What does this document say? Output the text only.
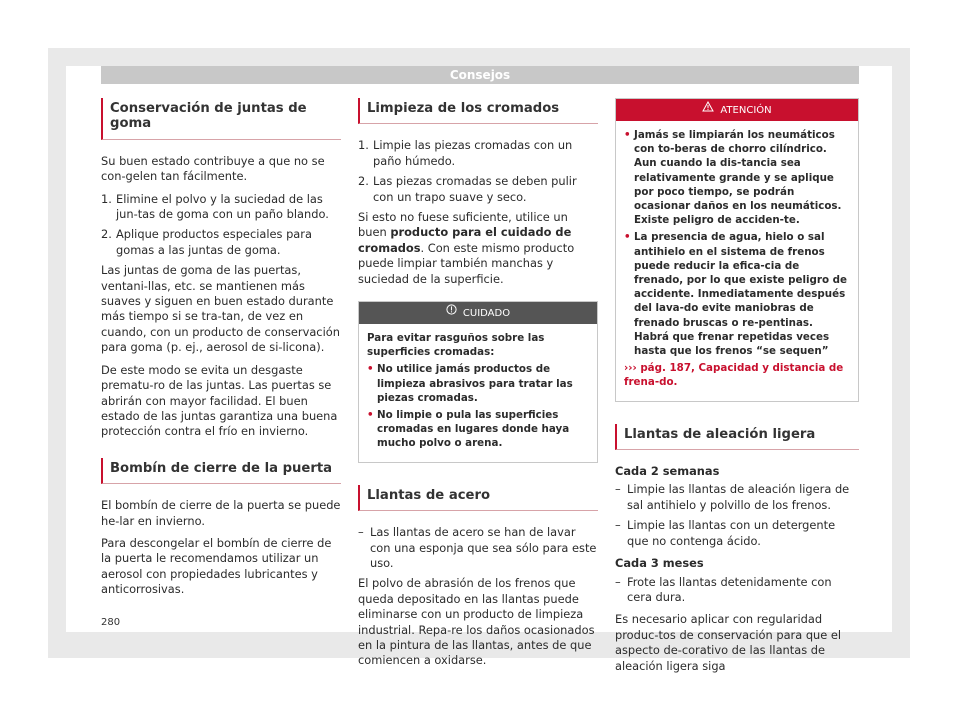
Consejos
Conservación de juntas de goma

Su buen estado contribuye a que no se con-gelen tan fácilmente.

1. Elimine el polvo y la suciedad de las jun-tas de goma con un paño blando.
2. Aplique productos especiales para gomas a las juntas de goma.

Las juntas de goma de las puertas, ventani-llas, etc. se mantienen más suaves y siguen en buen estado durante más tiempo si se tra-tan, de vez en cuando, con un producto de conservación para goma (p. ej., aerosol de si-licona).

De este modo se evita un desgaste prematu-ro de las juntas. Las puertas se abrirán con mayor facilidad. El buen estado de las juntas garantiza una buena protección contra el frío en invierno.

Bombín de cierre de la puerta

El bombín de cierre de la puerta se puede he-lar en invierno.

Para descongelar el bombín de cierre de la puerta le recomendamos utilizar un aerosol con propiedades lubricantes y anticorrosivas.

Limpieza de los cromados
1. Limpie las piezas cromadas con un paño húmedo.
2. Las piezas cromadas se deben pulir con un trapo suave y seco.

Si esto no fuese suficiente, utilice un buen producto para el cuidado de cromados. Con este mismo producto puede limpiar también manchas y suciedad de la superficie.

CUIDADO

Para evitar rasguños sobre las superficies cromadas:

• No utilice jamás productos de limpieza abrasivos para tratar las piezas cromadas.
• No limpie o pula las superficies cromadas en lugares donde haya mucho polvo o arena.
Llantas de acero
– Las llantas de acero se han de lavar con una esponja que sea sólo para este uso.

El polvo de abrasión de los frenos que queda depositado en las llantas puede eliminarse con un producto de limpieza industrial. Repa-re los daños ocasionados en la pintura de las llantas, antes de que comiencen a oxidarse.

ATENCIÓN
• Jamás se limpiarán los neumáticos con to-beras de chorro cilíndrico. Aun cuando la dis-tancia sea relativamente grande y se aplique por poco tiempo, se podrán ocasionar daños en los neumáticos. Existe peligro de acciden-te.
• La presencia de agua, hielo o sal antihielo en el sistema de frenos puede reducir la efica-cia de frenado, por lo que existe peligro de accidente. Inmediatamente después del lava-do evite maniobras de frenado bruscas o re-pentinas. Habrá que frenar repetidas veces hasta que los frenos “se sequen”

››› pág. 187, Capacidad y distancia de frena-do.

Llantas de aleación ligera

Cada 2 semanas

– Limpie las llantas de aleación ligera de sal antihielo y polvillo de los frenos.
– Limpie las llantas con un detergente que no contenga ácido.

Cada 3 meses

– Frote las llantas detenidamente con cera dura.

Es necesario aplicar con regularidad produc-tos de conservación para que el aspecto de-corativo de las llantas de aleación ligera siga

280
